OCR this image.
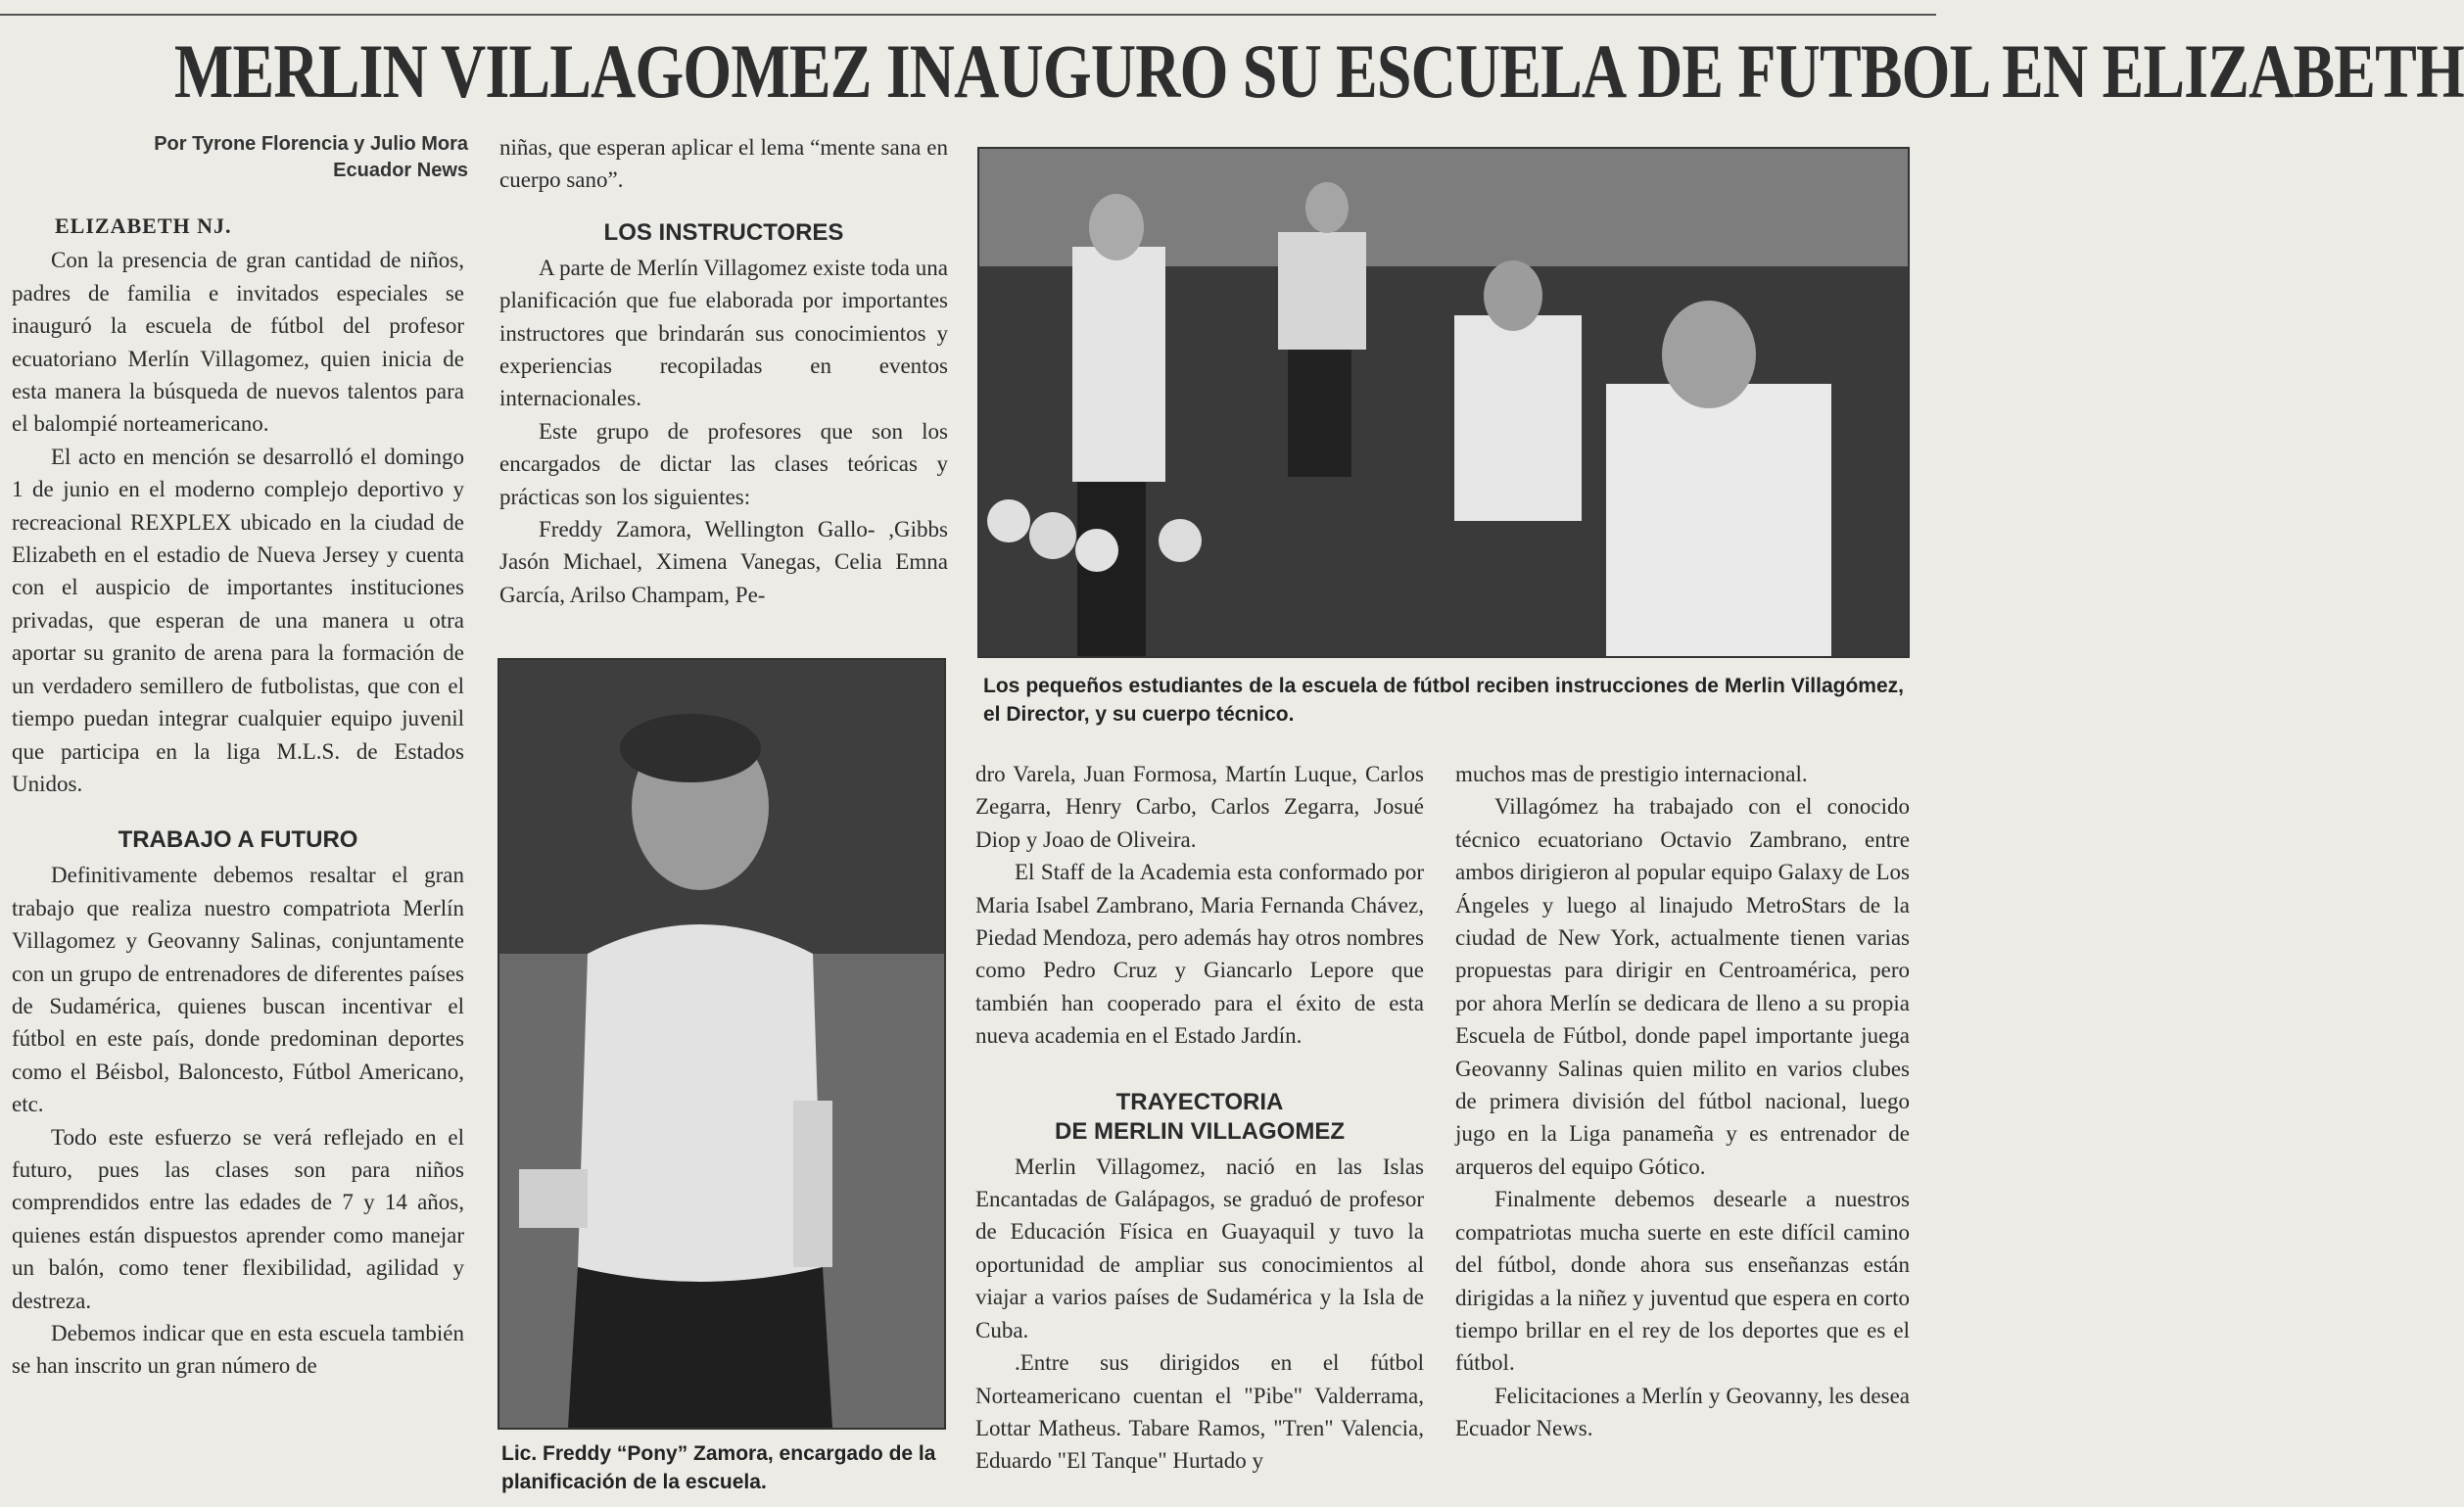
MERLIN VILLAGOMEZ INAUGURO SU ESCUELA DE FUTBOL EN ELIZABETH
Por Tyrone Florencia y Julio Mora
Ecuador News
ELIZABETH NJ.

Con la presencia de gran cantidad de niños, padres de familia e invitados especiales se inauguró la escuela de fútbol del profesor ecuatoriano Merlín Villagomez, quien inicia de esta manera la búsqueda de nuevos talentos para el balompié norteamericano.

El acto en mención se desarrolló el domingo 1 de junio en el moderno complejo deportivo y recreacional REXPLEX ubicado en la ciudad de Elizabeth en el estadio de Nueva Jersey y cuenta con el auspicio de importantes instituciones privadas, que esperan de una manera u otra aportar su granito de arena para la formación de un verdadero semillero de futbolistas, que con el tiempo puedan integrar cualquier equipo juvenil que participa en la liga M.L.S. de Estados Unidos.

TRABAJO A FUTURO

Definitivamente debemos resaltar el gran trabajo que realiza nuestro compatriota Merlín Villagomez y Geovanny Salinas, conjuntamente con un grupo de entrenadores de diferentes países de Sudamérica, quienes buscan incentivar el fútbol en este país, donde predominan deportes como el Béisbol, Baloncesto, Fútbol Americano, etc.

Todo este esfuerzo se verá reflejado en el futuro, pues las clases son para niños comprendidos entre las edades de 7 y 14 años, quienes están dispuestos aprender como manejar un balón, como tener flexibilidad, agilidad y destreza.

Debemos indicar que en esta escuela también se han inscrito un gran número de

niñas, que esperan aplicar el lema “mente sana en cuerpo sano”.

LOS INSTRUCTORES

A parte de Merlín Villagomez existe toda una planificación que fue elaborada por importantes instructores que brindarán sus conocimientos y experiencias recopiladas en eventos internacionales.

Este grupo de profesores que son los encargados de dictar las clases teóricas y prácticas son los siguientes:

Freddy Zamora, Wellington Gallo- ,Gibbs Jasón Michael, Ximena Vanegas, Celia Emna García, Arilso Champam, Pe-

Lic. Freddy “Pony” Zamora, encargado de la planificación de la escuela.
Los pequeños estudiantes de la escuela de fútbol reciben instrucciones de Merlin Villagómez, el Director, y su cuerpo técnico.

dro Varela, Juan Formosa, Martín Luque, Carlos Zegarra, Henry Carbo, Carlos Zegarra, Josué Diop y Joao de Oliveira.

El Staff de la Academia esta conformado por Maria Isabel Zambrano, Maria Fernanda Chávez, Piedad Mendoza, pero además hay otros nombres como Pedro Cruz y Giancarlo Lepore que también han cooperado para el éxito de esta nueva academia en el Estado Jardín.

TRAYECTORIA
DE MERLIN VILLAGOMEZ

Merlin Villagomez, nació en las Islas Encantadas de Galápagos, se graduó de profesor de Educación Física en Guayaquil y tuvo la oportunidad de ampliar sus conocimientos al viajar a varios países de Sudamérica y la Isla de Cuba.

.Entre sus dirigidos en el fútbol Norteamericano cuentan el "Pibe" Valderrama, Lottar Matheus. Tabare Ramos, "Tren" Valencia, Eduardo "El Tanque" Hurtado y

muchos mas de prestigio internacional.

Villagómez ha trabajado con el conocido técnico ecuatoriano Octavio Zambrano, entre ambos dirigieron al popular equipo Galaxy de Los Ángeles y luego al linajudo MetroStars de la ciudad de New York, actualmente tienen varias propuestas para dirigir en Centroamérica, pero por ahora Merlín se dedicara de lleno a su propia Escuela de Fútbol, donde papel importante juega Geovanny Salinas quien milito en varios clubes de primera división del fútbol nacional, luego jugo en la Liga panameña y es entrenador de arqueros del equipo Gótico.

Finalmente debemos desearle a nuestros compatriotas mucha suerte en este difícil camino del fútbol, donde ahora sus enseñanzas están dirigidas a la niñez y juventud que espera en corto tiempo brillar en el rey de los deportes que es el fútbol.

Felicitaciones a Merlín y Geovanny, les desea Ecuador News.
